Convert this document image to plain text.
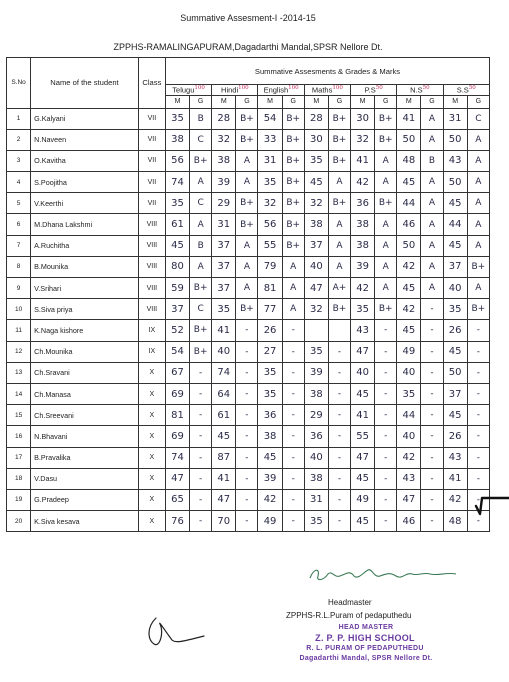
Summative Assesment-I -2014-15
ZPPHS-RAMALINGAPURAM,Dagadarthi Mandal,SPSR Nellore Dt.
S.No	Name of the student	Class	Summative Assesments & Grades & Marks													
			Telugu$^{100}$		Hindi$^{100}$		English$^{100}$		Maths$^{100}$		$P.S^{50}$		$N.S^{50}$		$S.S^{50}$
			M	G	M	G	M	G	M	G	M	G	M	G	M	G
1	G.Kalyani	VII	35	B	28	B+	54	B+	28	B+	30	B+	41	A	31	C
2	N.Naveen	VII	38	C	32	B+	33	B+	30	B+	32	B+	50	A	50	A
3	O.Kavitha	VII	56	B+	38	A	31	B+	35	B+	41	A	48	B	43	A
4	S.Poojitha	VII	74	A	39	A	35	B+	45	A	42	A	45	A	50	A
5	V.Keerthi	VII	35	C	29	B+	32	B+	32	B+	36	B+	44	A	45	A
6	M.Dhana Lakshmi	VIII	61	A	31	B+	56	B+	38	A	38	A	46	A	44	A
7	A.Ruchitha	VIII	45	B	37	A	55	B+	37	A	38	A	50	A	45	A
8	B.Mounika	VIII	80	A	37	A	79	A	40	A	39	A	42	A	37	B+
9	V.Srihari	VIII	59	B+	37	A	81	A	47	A+	42	A	45	A	40	A
10	S.Siva priya	VIII	37	C	35	B+	77	A	32	B+	35	B+	42	-	35	B+
11	K.Naga kishore	IX	52	B+	41	-	26	-			43	-	45	-	26	-
12	Ch.Mounika	IX	54	B+	40	-	27	-	35	-	47	-	49	-	45	-
13	Ch.Sravani	X	67	-	74	-	35	-	39	-	40	-	40	-	50	-
14	Ch.Manasa	X	69	-	64	-	35	-	38	-	45	-	35	-	37	-
15	Ch.Sreevani	X	81	-	61	-	36	-	29	-	41	-	44	-	45	-
16	N.Bhavani	X	69	-	45	-	38	-	36	-	55	-	40	-	26	-
17	B.Pravalika	X	74	-	87	-	45	-	40	-	47	-	42	-	43	-
18	V.Dasu	X	47	-	41	-	39	-	38	-	45	-	43	-	41	-
19	G.Pradeep	X	65	-	47	-	42	-	31	-	49	-	47	-	42	-
20	K.Siva kesava	X	76	-	70	-	49	-	35	-	45	-	46	-	48	-
Headmaster
ZPPHS-R.L.Puram of pedaputhedu
HEAD MASTER
Z. P. P. HIGH SCHOOL
R. L. PURAM OF PEDAPUTHEDU
Dagadarthi Mandal, SPSR Nellore Dt.
